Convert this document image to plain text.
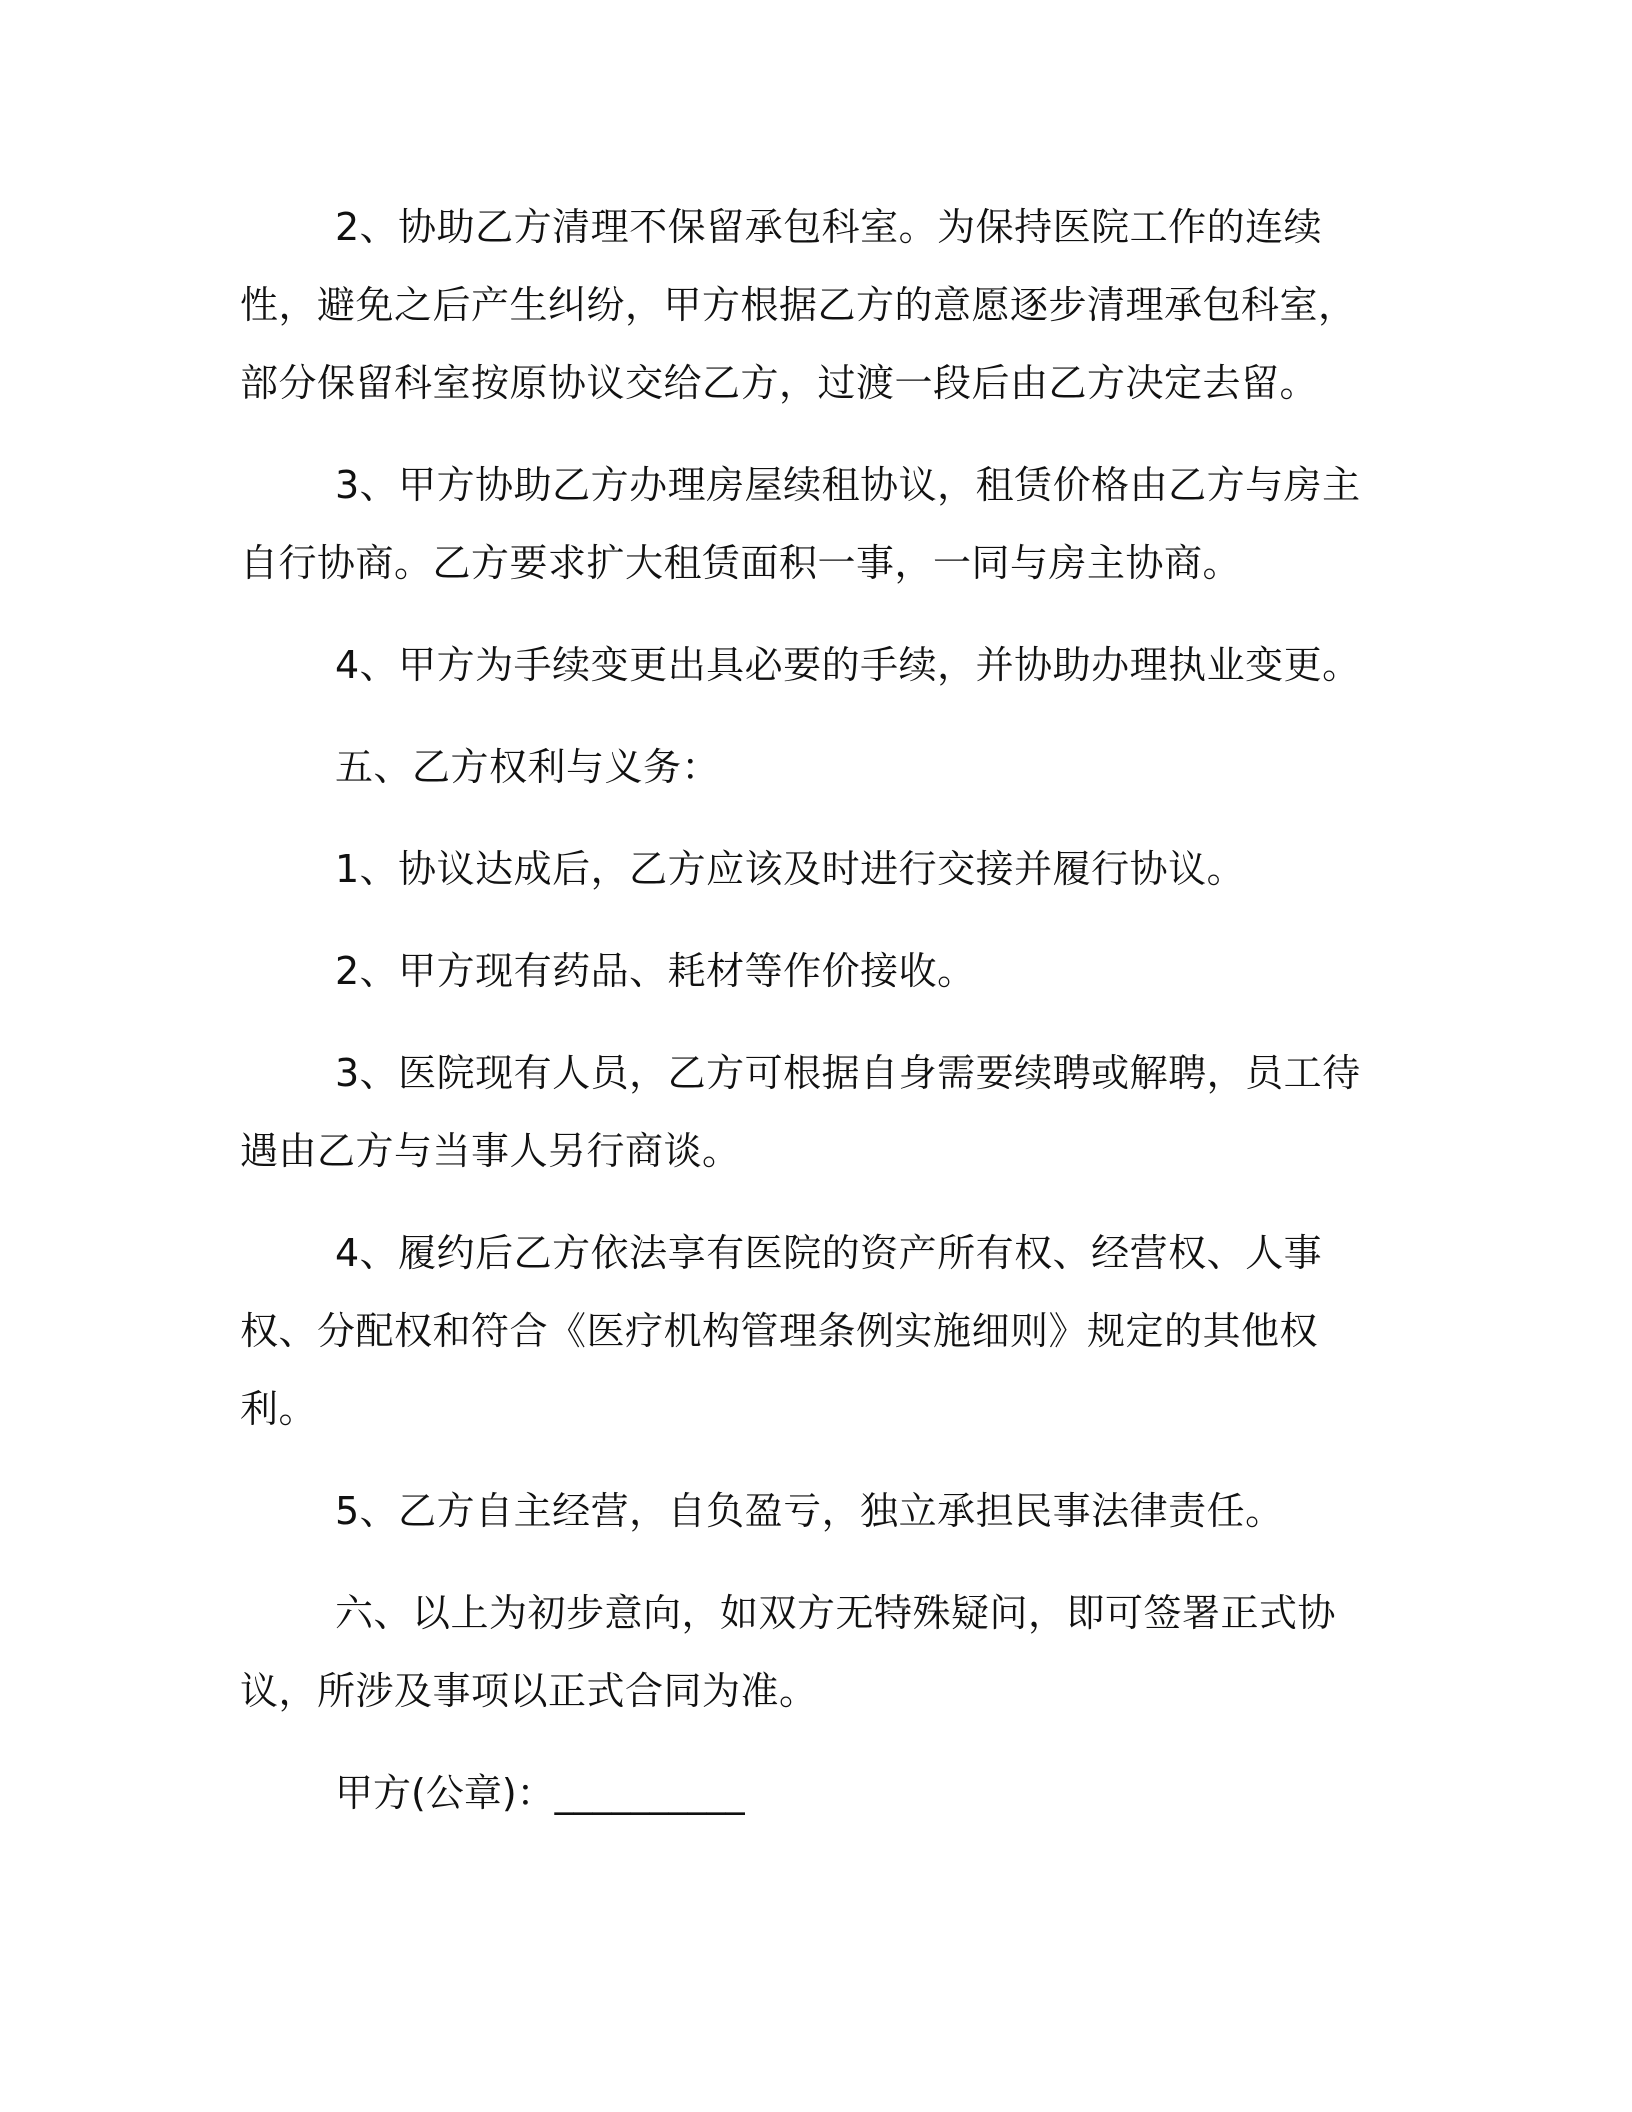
2、协助乙方清理不保留承包科室。为保持医院工作的连续性，避免之后产生纠纷，甲方根据乙方的意愿逐步清理承包科室，部分保留科室按原协议交给乙方，过渡一段后由乙方决定去留。

3、甲方协助乙方办理房屋续租协议，租赁价格由乙方与房主自行协商。乙方要求扩大租赁面积一事，一同与房主协商。

4、甲方为手续变更出具必要的手续，并协助办理执业变更。

五、乙方权利与义务：

1、协议达成后，乙方应该及时进行交接并履行协议。

2、甲方现有药品、耗材等作价接收。

3、医院现有人员，乙方可根据自身需要续聘或解聘，员工待遇由乙方与当事人另行商谈。

4、履约后乙方依法享有医院的资产所有权、经营权、人事权、分配权和符合《医疗机构管理条例实施细则》规定的其他权利。

5、乙方自主经营，自负盈亏，独立承担民事法律责任。

六、以上为初步意向，如双方无特殊疑问，即可签署正式协议，所涉及事项以正式合同为准。

甲方(公章)：__________
